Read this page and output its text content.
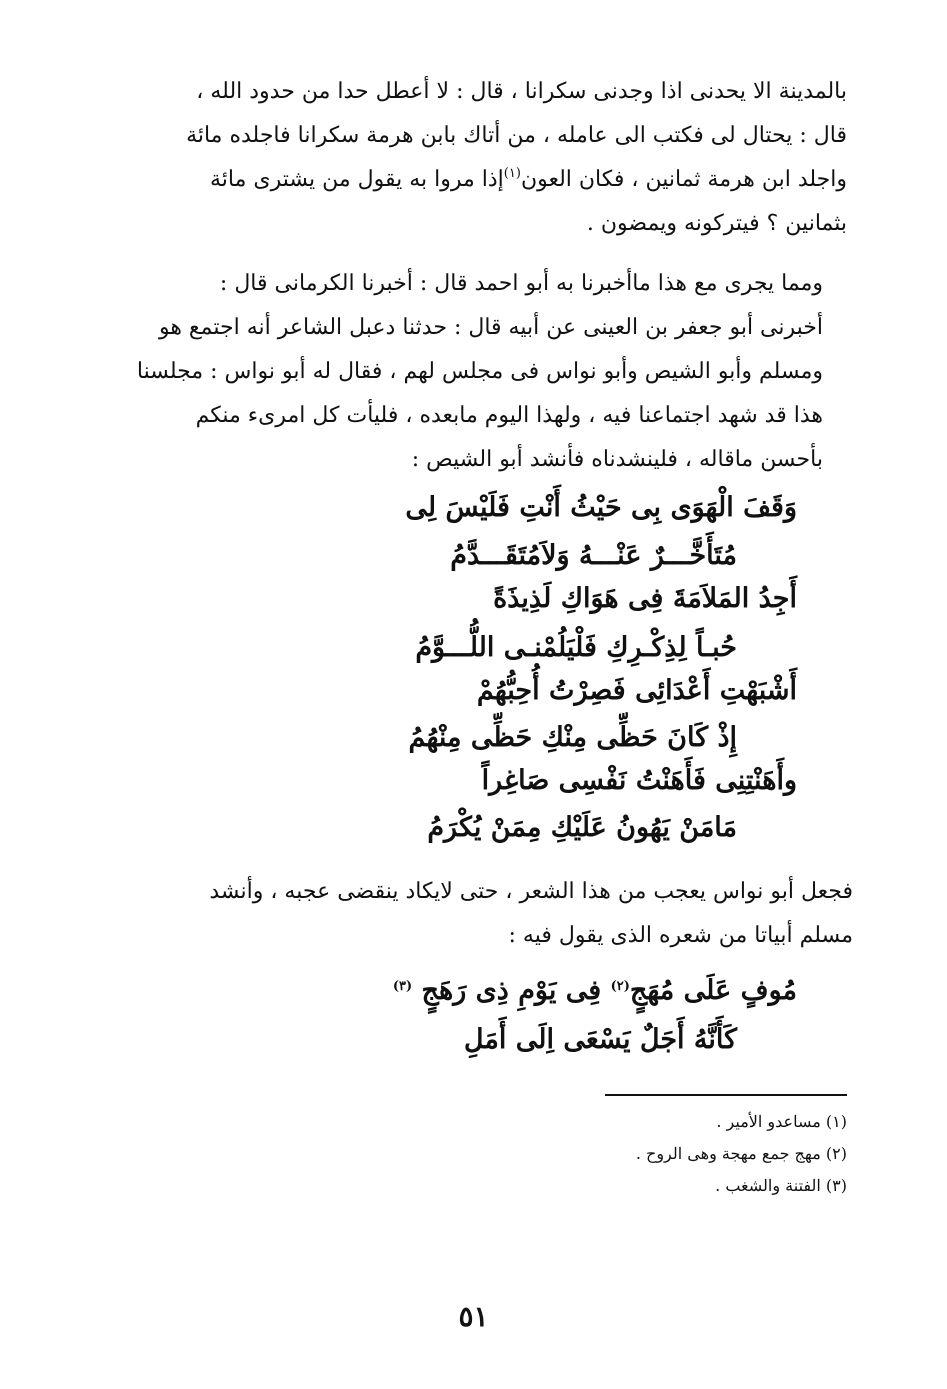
بالمدينة الا يحدنى اذا وجدنى سكرانا ، قال : لا أعطل حدا من حدود الله ،
قال : يحتال لى فكتب الى عامله ، من أتاك بابن هرمة سكرانا فاجلده مائة
واجلد ابن هرمة ثمانين ، فكان العون$^{(١)}$إذا مروا به يقول من يشترى مائة
بثمانين ؟ فيتركونه ويمضون .
ومما يجرى مع هذا ماأخبرنا به أبو احمد قال : أخبرنا الكرمانى قال :
أخبرنى أبو جعفر بن العينى عن أبيه قال : حدثنا دعبل الشاعر أنه اجتمع هو
ومسلم وأبو الشيص وأبو نواس فى مجلس لهم ، فقال له أبو نواس : مجلسنا
هذا قد شهد اجتماعنا فيه ، ولهذا اليوم مابعده ، فليأت كل امرىء منكم
بأحسن ماقاله ، فلينشدناه فأنشد أبو الشيص :
وَقَفَ الْهَوَى بِى حَيْثُ أَنْتِ فَلَيْسَ لِى
مُتَأَخَّـــرٌ عَنْـــهُ وَلاَمُتَقَـــدَّمُ
أَجِدُ المَلاَمَةَ فِى هَوَاكِ لَذِيذَةً
حُبـاً لِذِكْـرِكِ فَلْيَلُمْنـى اللُّـــوَّمُ
أَشْبَهْتِ أَعْدَائِى فَصِرْتُ أُحِبُّهُمْ
إِذْ كَانَ حَظِّى مِنْكِ حَظِّى مِنْهُمُ
وأَهَنْتِنِى فَأَهَنْتُ نَفْسِى صَاغِراً
مَامَنْ يَهُونُ عَلَيْكِ مِمَنْ يُكْرَمُ
فجعل أبو نواس يعجب من هذا الشعر ، حتى لايكاد ينقضى عجبه ، وأنشد
مسلم أبياتا من شعره الذى يقول فيه :
مُوفٍ عَلَى مُهَجٍ$^{(٢)}$ فِى يَوْمِ ذِى رَهَجٍ $^{(٣)}$
كَأَنَّهُ أَجَلٌ يَسْعَى اِلَى أَمَلِ
(١) مساعدو الأمير .
(٢) مهج جمع مهجة وهى الروح .
(٣) الفتنة والشغب .
٥١
